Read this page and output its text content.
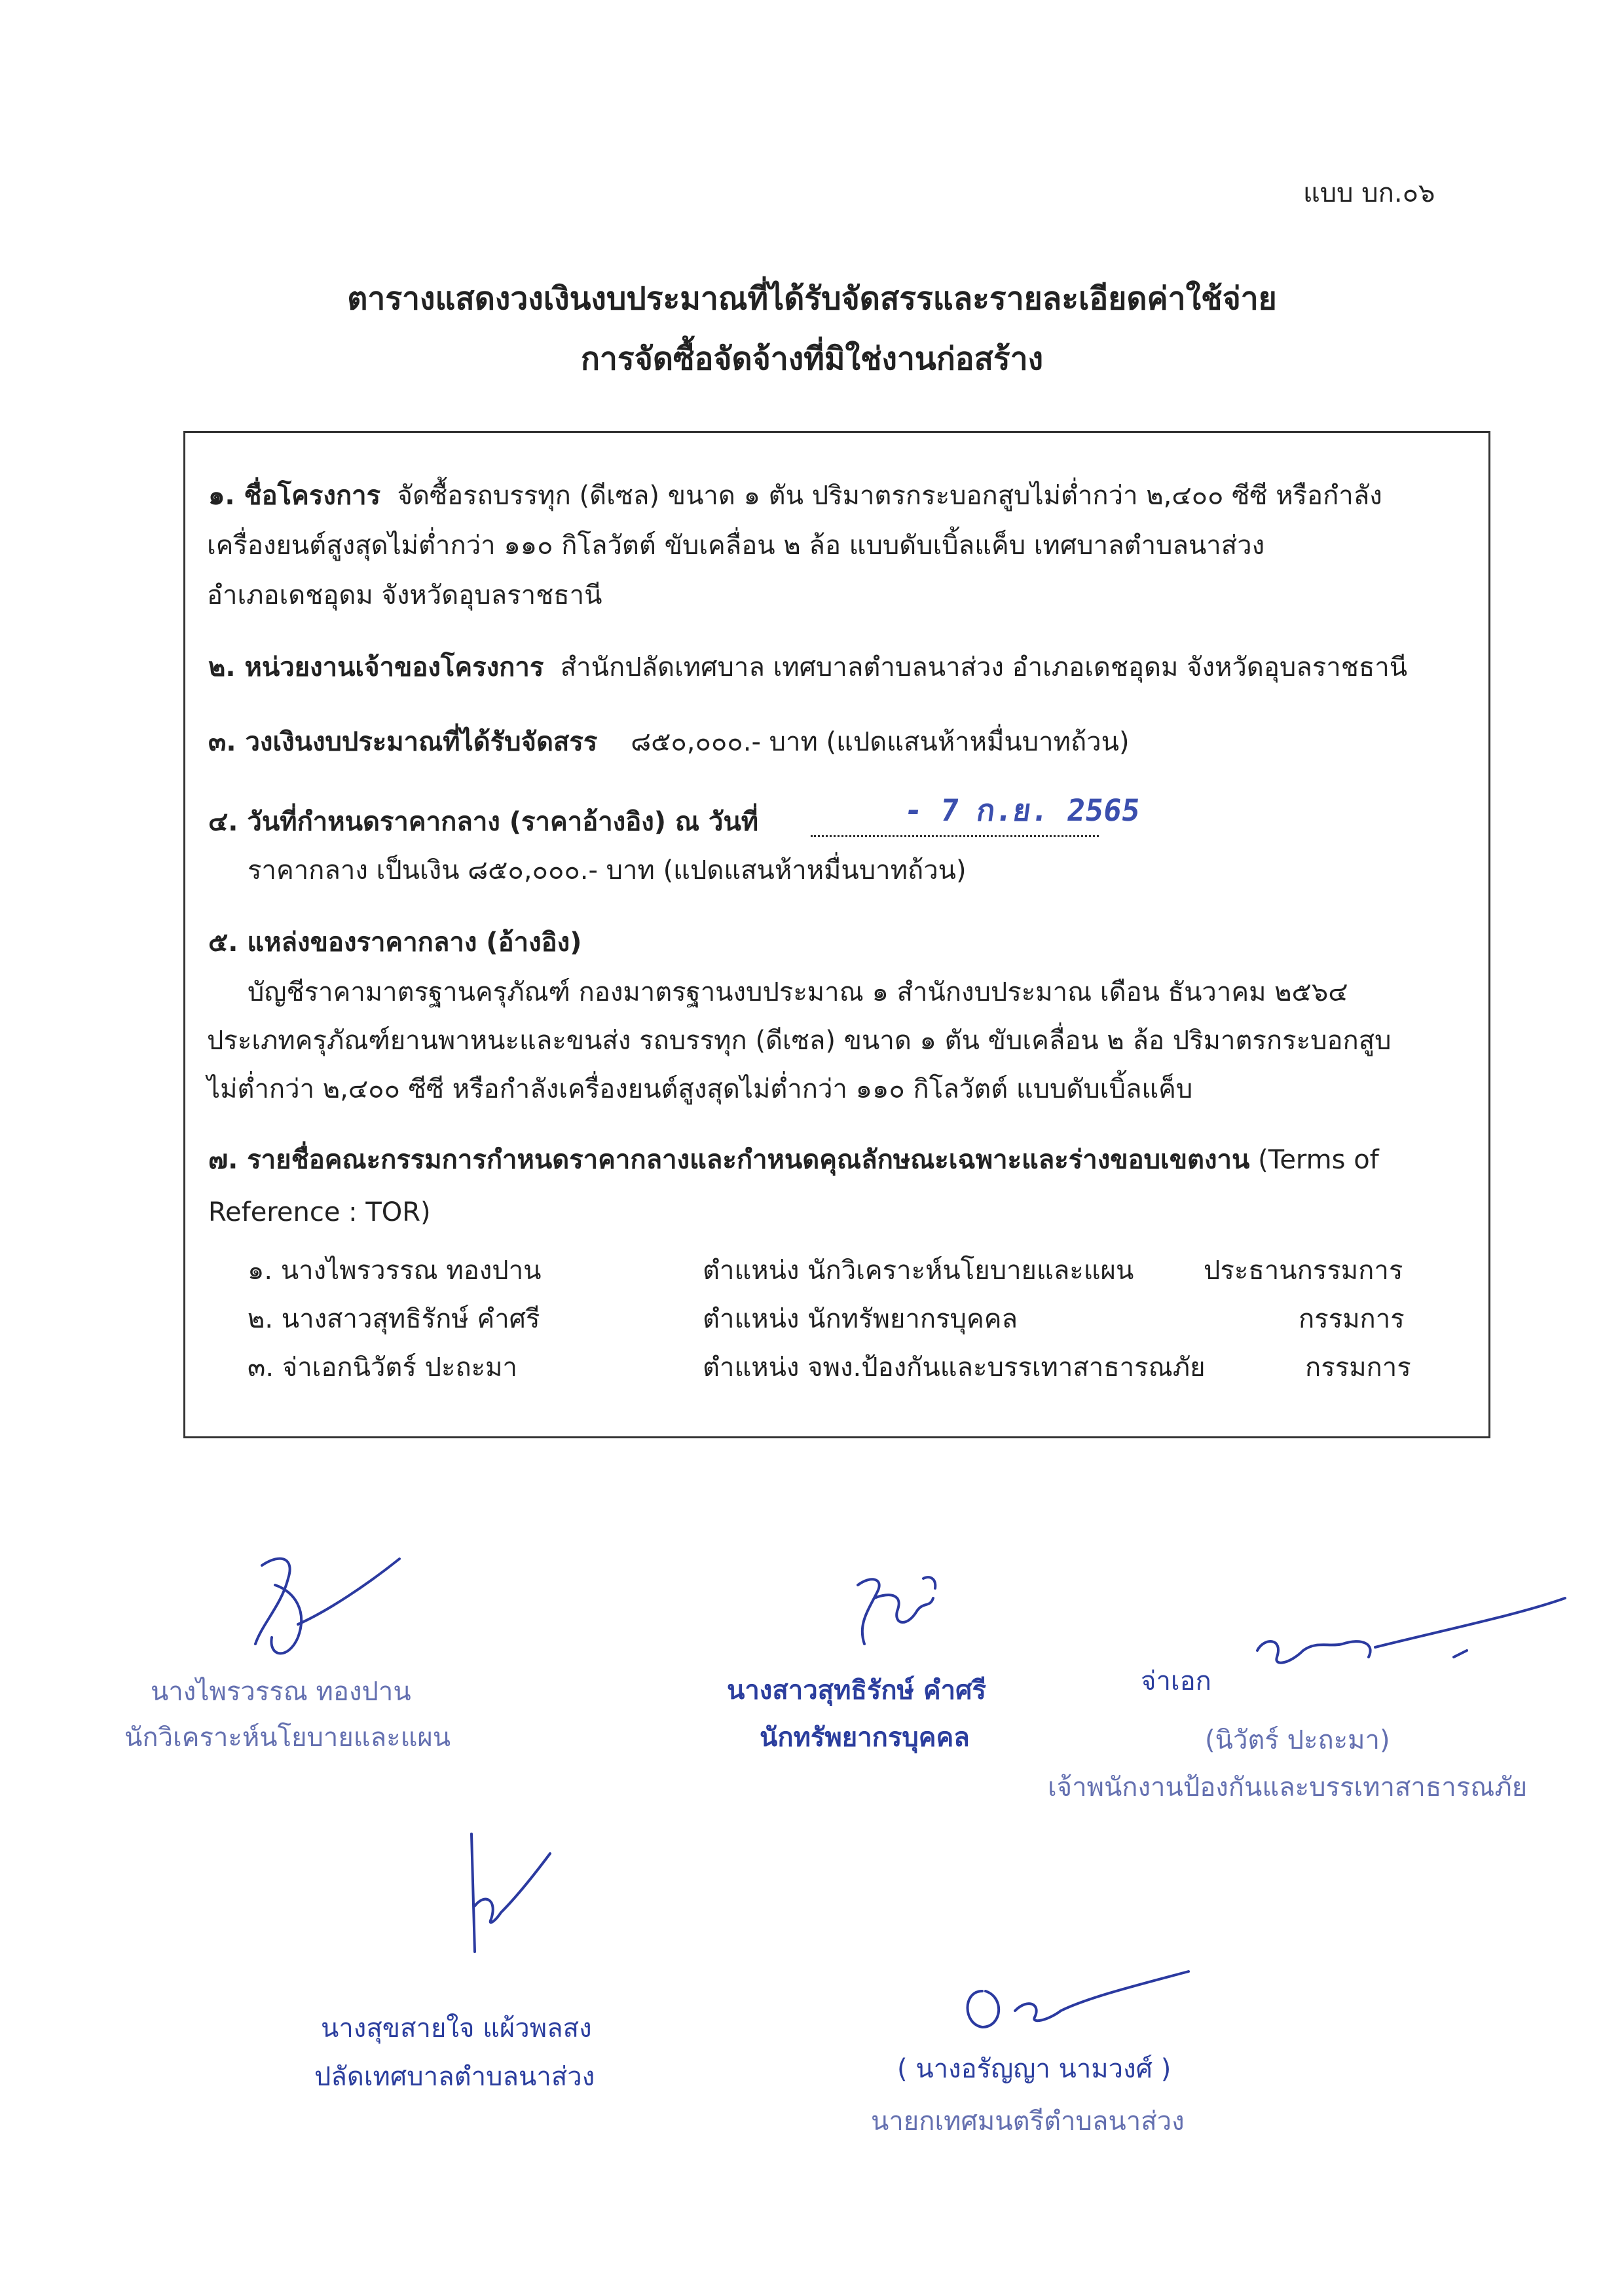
แบบ บก.๐๖
ตารางแสดงวงเงินงบประมาณที่ได้รับจัดสรรและรายละเอียดค่าใช้จ่าย
การจัดซื้อจัดจ้างที่มิใช่งานก่อสร้าง
๑. ชื่อโครงการ จัดซื้อรถบรรทุก (ดีเซล) ขนาด ๑ ตัน ปริมาตรกระบอกสูบไม่ต่ำกว่า ๒,๔๐๐ ซีซี หรือกำลัง
เครื่องยนต์สูงสุดไม่ต่ำกว่า ๑๑๐ กิโลวัตต์ ขับเคลื่อน ๒ ล้อ แบบดับเบิ้ลแค็บ เทศบาลตำบลนาส่วง
อำเภอเดชอุดม จังหวัดอุบลราชธานี
๒. หน่วยงานเจ้าของโครงการ สำนักปลัดเทศบาล เทศบาลตำบลนาส่วง อำเภอเดชอุดม จังหวัดอุบลราชธานี
๓. วงเงินงบประมาณที่ได้รับจัดสรร ๘๕๐,๐๐๐.- บาท (แปดแสนห้าหมื่นบาทถ้วน)
๔. วันที่กำหนดราคากลาง (ราคาอ้างอิง) ณ วันที่	- 7 ก.ย. 2565
ราคากลาง เป็นเงิน ๘๕๐,๐๐๐.- บาท (แปดแสนห้าหมื่นบาทถ้วน)
๕. แหล่งของราคากลาง (อ้างอิง)
บัญชีราคามาตรฐานครุภัณฑ์ กองมาตรฐานงบประมาณ ๑ สำนักงบประมาณ เดือน ธันวาคม ๒๕๖๔
ประเภทครุภัณฑ์ยานพาหนะและขนส่ง รถบรรทุก (ดีเซล) ขนาด ๑ ตัน ขับเคลื่อน ๒ ล้อ ปริมาตรกระบอกสูบ
ไม่ต่ำกว่า ๒,๔๐๐ ซีซี หรือกำลังเครื่องยนต์สูงสุดไม่ต่ำกว่า ๑๑๐ กิโลวัตต์ แบบดับเบิ้ลแค็บ
๗. รายชื่อคณะกรรมการกำหนดราคากลางและกำหนดคุณลักษณะเฉพาะและร่างขอบเขตงาน (Terms of
Reference : TOR)
๑. นางไพรวรรณ ทองปาน	ตำแหน่ง นักวิเคราะห์นโยบายและแผน	ประธานกรรมการ
๒. นางสาวสุทธิรักษ์ คำศรี	ตำแหน่ง นักทรัพยากรบุคคล	กรรมการ
๓. จ่าเอกนิวัตร์ ปะถะมา	ตำแหน่ง จพง.ป้องกันและบรรเทาสาธารณภัย	กรรมการ
นางไพรวรรณ ทองปาน
นักวิเคราะห์นโยบายและแผน
นางสาวสุทธิรักษ์ คำศรี
นักทรัพยากรบุคคล
จ่าเอก
(นิวัตร์ ปะถะมา)
เจ้าพนักงานป้องกันและบรรเทาสาธารณภัย
นางสุขสายใจ แผ้วพลสง
ปลัดเทศบาลตำบลนาส่วง	( นางอรัญญา นามวงศ์ )
นายกเทศมนตรีตำบลนาส่วง
